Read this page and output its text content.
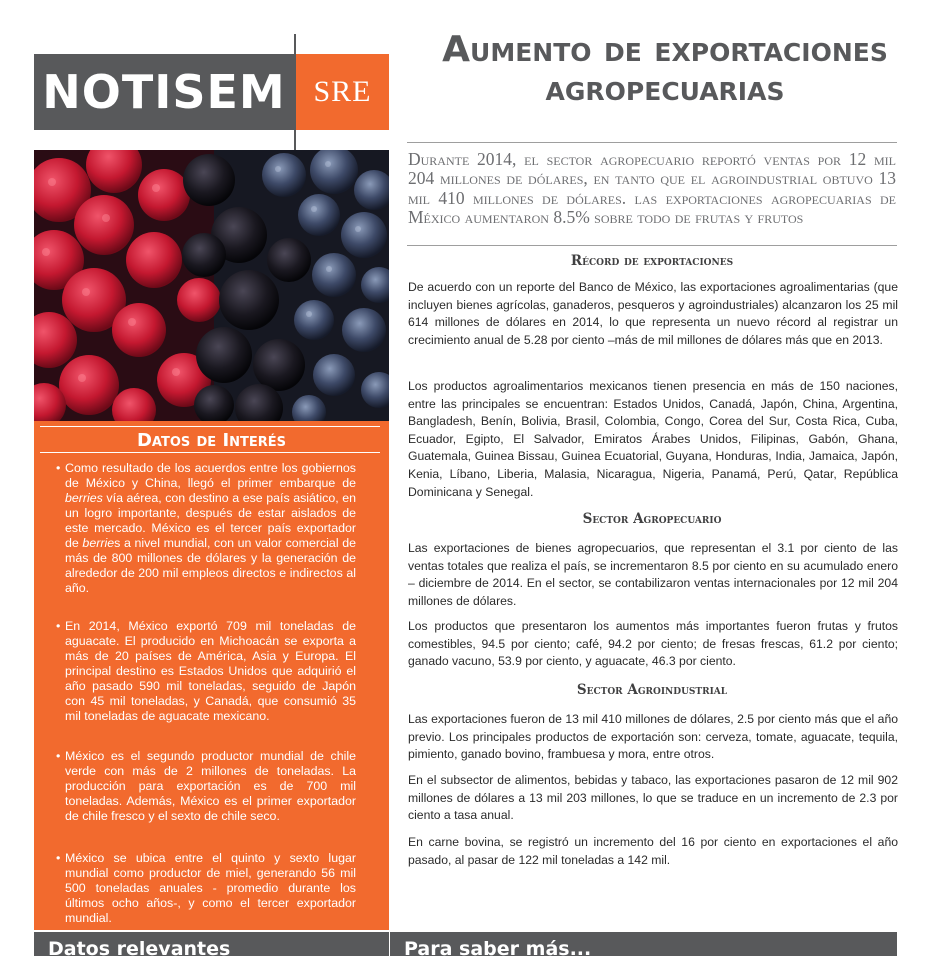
NOTISEM SRE
Aumento de exportaciones agropecuarias

Durante 2014, el sector agropecuario reportó ventas por 12 mil 204 millones de dólares, en tanto que el agroindustrial obtuvo 13 mil 410 millones de dólares. las exportaciones agropecuarias de México aumentaron 8.5% sobre todo de frutas y frutos

Datos de Interés
• Como resultado de los acuerdos entre los gobiernos de México y China, llegó el primer embarque de berries vía aérea, con destino a ese país asiático, en un logro importante, después de estar aislados de este mercado. México es el tercer país exportador de berries a nivel mundial, con un valor comercial de más de 800 millones de dólares y la generación de alrededor de 200 mil empleos directos e indirectos al año.
• En 2014, México exportó 709 mil toneladas de aguacate. El producido en Michoacán se exporta a más de 20 países de América, Asia y Europa. El principal destino es Estados Unidos que adquirió el año pasado 590 mil toneladas, seguido de Japón con 45 mil toneladas, y Canadá, que consumió 35 mil toneladas de aguacate mexicano.
• México es el segundo productor mundial de chile verde con más de 2 millones de toneladas. La producción para exportación es de 700 mil toneladas. Además, México es el primer exportador de chile fresco y el sexto de chile seco.
• México se ubica entre el quinto y sexto lugar mundial como productor de miel, generando 56 mil 500 toneladas anuales - promedio durante los últimos ocho años-, y como el tercer exportador mundial.
Récord de exportaciones

De acuerdo con un reporte del Banco de México, las exportaciones agroalimentarias (que incluyen bienes agrícolas, ganaderos, pesqueros y agroindustriales) alcanzaron los 25 mil 614 millones de dólares en 2014, lo que representa un nuevo récord al registrar un crecimiento anual de 5.28 por ciento –más de mil millones de dólares más que en 2013.

Los productos agroalimentarios mexicanos tienen presencia en más de 150 naciones, entre las principales se encuentran: Estados Unidos, Canadá, Japón, China, Argentina, Bangladesh, Benín, Bolivia, Brasil, Colombia, Congo, Corea del Sur, Costa Rica, Cuba, Ecuador, Egipto, El Salvador, Emiratos Árabes Unidos, Filipinas, Gabón, Ghana, Guatemala, Guinea Bissau, Guinea Ecuatorial, Guyana, Honduras, India, Jamaica, Japón, Kenia, Líbano, Liberia, Malasia, Nicaragua, Nigeria, Panamá, Perú, Qatar, República Dominicana y Senegal.

Sector Agropecuario

Las exportaciones de bienes agropecuarios, que representan el 3.1 por ciento de las ventas totales que realiza el país, se incrementaron 8.5 por ciento en su acumulado enero – diciembre de 2014. En el sector, se contabilizaron ventas internacionales por 12 mil 204 millones de dólares.

Los productos que presentaron los aumentos más importantes fueron frutas y frutos comestibles, 94.5 por ciento; café, 94.2 por ciento; de fresas frescas, 61.2 por ciento; ganado vacuno, 53.9 por ciento, y aguacate, 46.3 por ciento.

Sector Agroindustrial

Las exportaciones fueron de 13 mil 410 millones de dólares, 2.5 por ciento más que el año previo. Los principales productos de exportación son: cerveza, tomate, aguacate, tequila, pimiento, ganado bovino, frambuesa y mora, entre otros.

En el subsector de alimentos, bebidas y tabaco, las exportaciones pasaron de 12 mil 902 millones de dólares a 13 mil 203 millones, lo que se traduce en un incremento de 2.3 por ciento a tasa anual.

En carne bovina, se registró un incremento del 16 por ciento en exportaciones el año pasado, al pasar de 122 mil toneladas a 142 mil.

Datos relevantes	Para saber más...
